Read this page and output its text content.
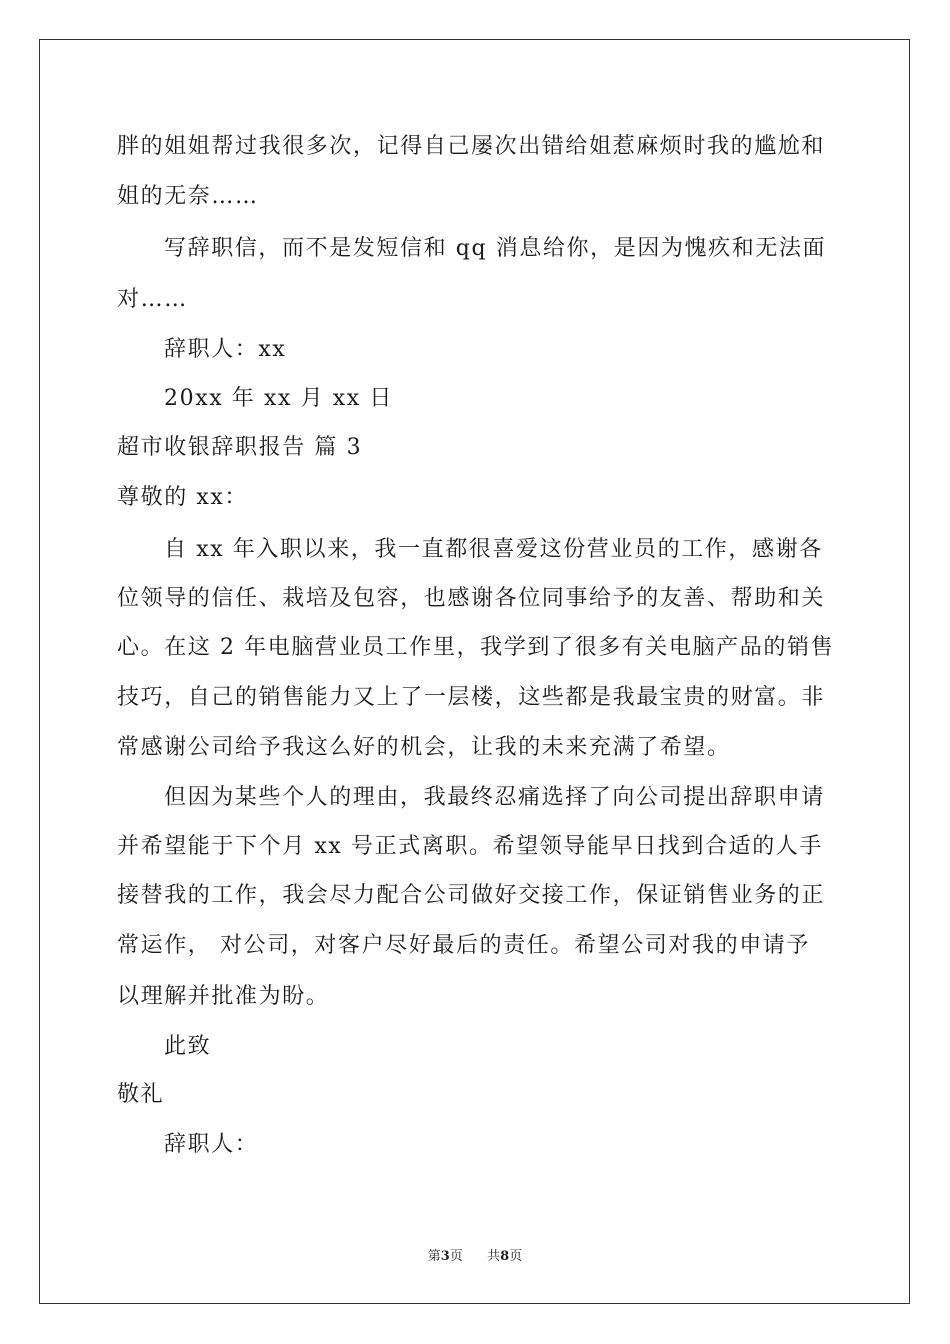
胖的姐姐帮过我很多次，记得自己屡次出错给姐惹麻烦时我的尴尬和
姐的无奈……
写辞职信，而不是发短信和 qq 消息给你，是因为愧疚和无法面
对……
辞职人：xx
20xx 年 xx 月 xx 日
超市收银辞职报告 篇 3
尊敬的 xx：
自 xx 年入职以来，我一直都很喜爱这份营业员的工作，感谢各
位领导的信任、栽培及包容，也感谢各位同事给予的友善、帮助和关
心。在这 2 年电脑营业员工作里，我学到了很多有关电脑产品的销售
技巧，自己的销售能力又上了一层楼，这些都是我最宝贵的财富。非
常感谢公司给予我这么好的机会，让我的未来充满了希望。
但因为某些个人的理由，我最终忍痛选择了向公司提出辞职申请
并希望能于下个月 xx 号正式离职。希望领导能早日找到合适的人手
接替我的工作，我会尽力配合公司做好交接工作，保证销售业务的正
常运作， 对公司，对客户尽好最后的责任。希望公司对我的申请予
以理解并批准为盼。
此致
敬礼
辞职人：
第3页 共8页
